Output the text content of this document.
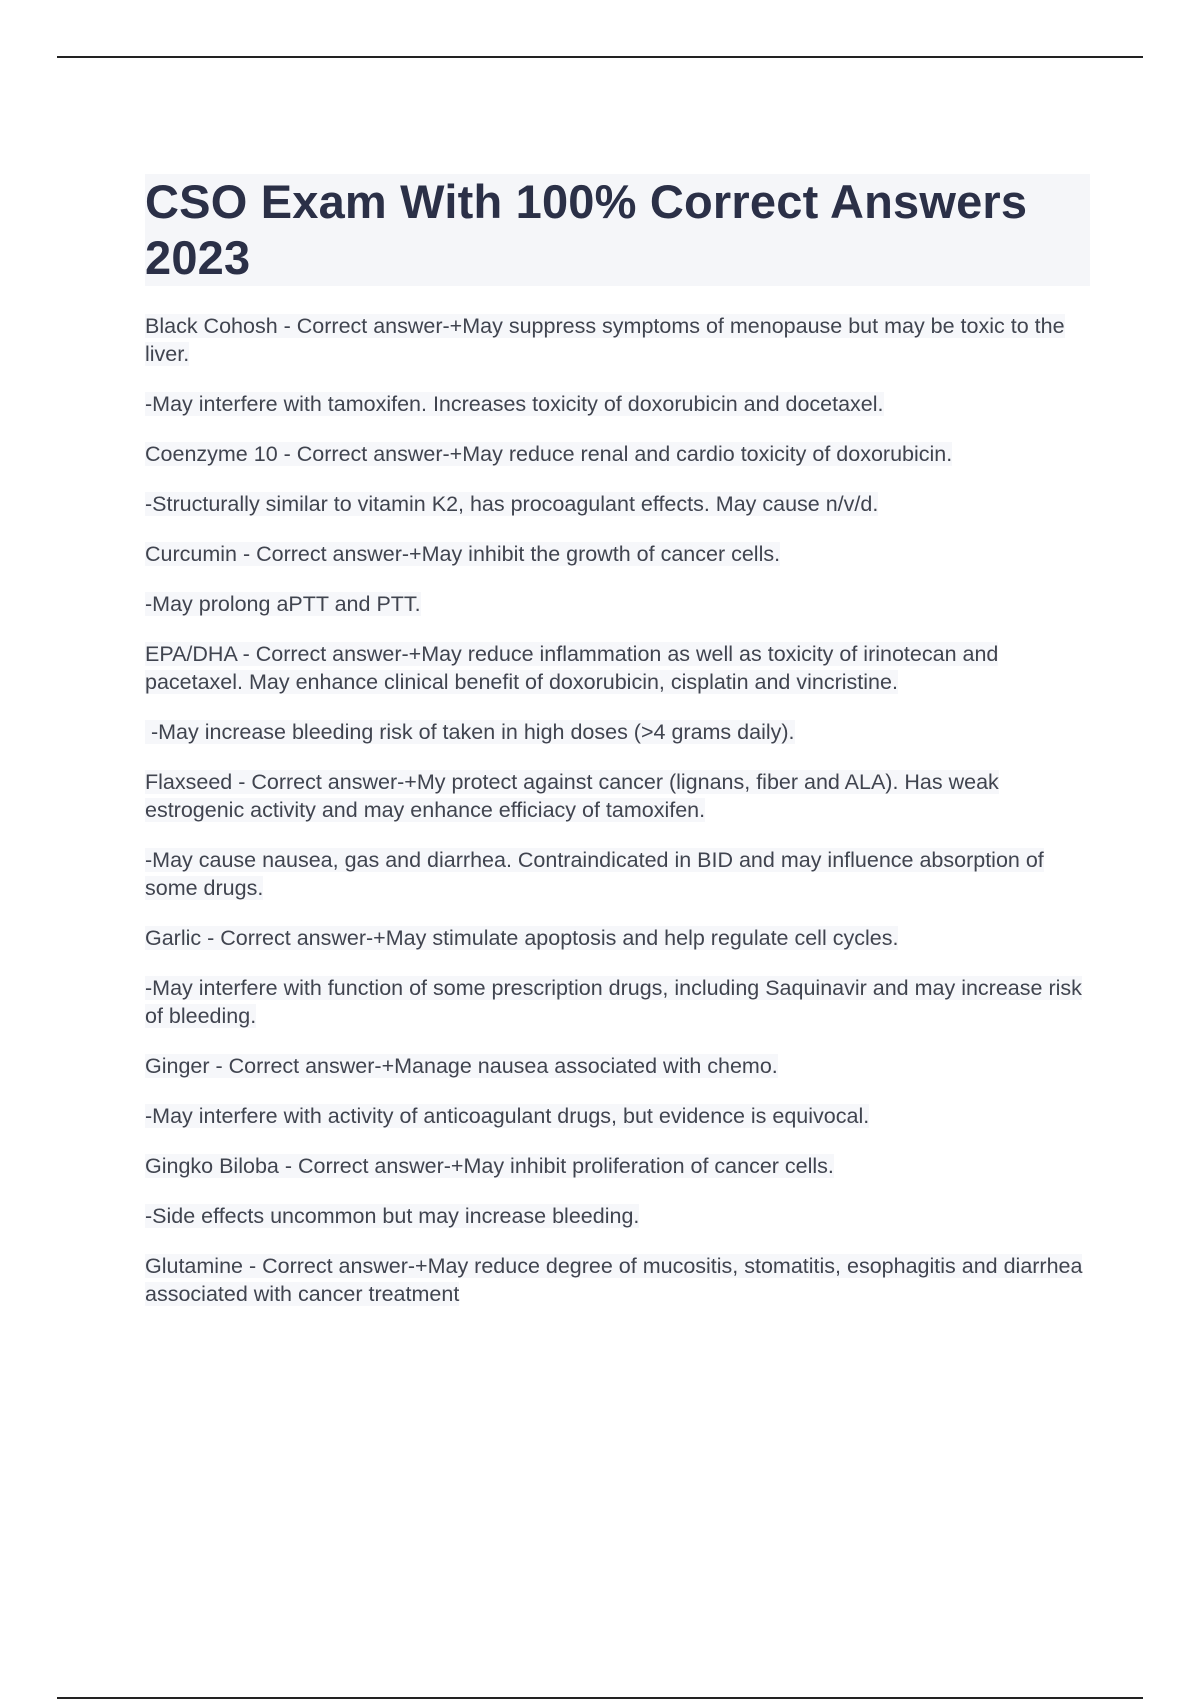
CSO Exam With 100% Correct Answers 2023

Black Cohosh - Correct answer-+May suppress symptoms of menopause but may be toxic to the liver.

-May interfere with tamoxifen. Increases toxicity of doxorubicin and docetaxel.

Coenzyme 10 - Correct answer-+May reduce renal and cardio toxicity of doxorubicin.

-Structurally similar to vitamin K2, has procoagulant effects. May cause n/v/d.

Curcumin - Correct answer-+May inhibit the growth of cancer cells.

-May prolong aPTT and PTT.

EPA/DHA - Correct answer-+May reduce inflammation as well as toxicity of irinotecan and pacetaxel. May enhance clinical benefit of doxorubicin, cisplatin and vincristine.

-May increase bleeding risk of taken in high doses (>4 grams daily).

Flaxseed - Correct answer-+My protect against cancer (lignans, fiber and ALA). Has weak estrogenic activity and may enhance efficiacy of tamoxifen.

-May cause nausea, gas and diarrhea. Contraindicated in BID and may influence absorption of some drugs.

Garlic - Correct answer-+May stimulate apoptosis and help regulate cell cycles.

-May interfere with function of some prescription drugs, including Saquinavir and may increase risk of bleeding.

Ginger - Correct answer-+Manage nausea associated with chemo.

-May interfere with activity of anticoagulant drugs, but evidence is equivocal.

Gingko Biloba - Correct answer-+May inhibit proliferation of cancer cells.

-Side effects uncommon but may increase bleeding.

Glutamine - Correct answer-+May reduce degree of mucositis, stomatitis, esophagitis and diarrhea associated with cancer treatment
